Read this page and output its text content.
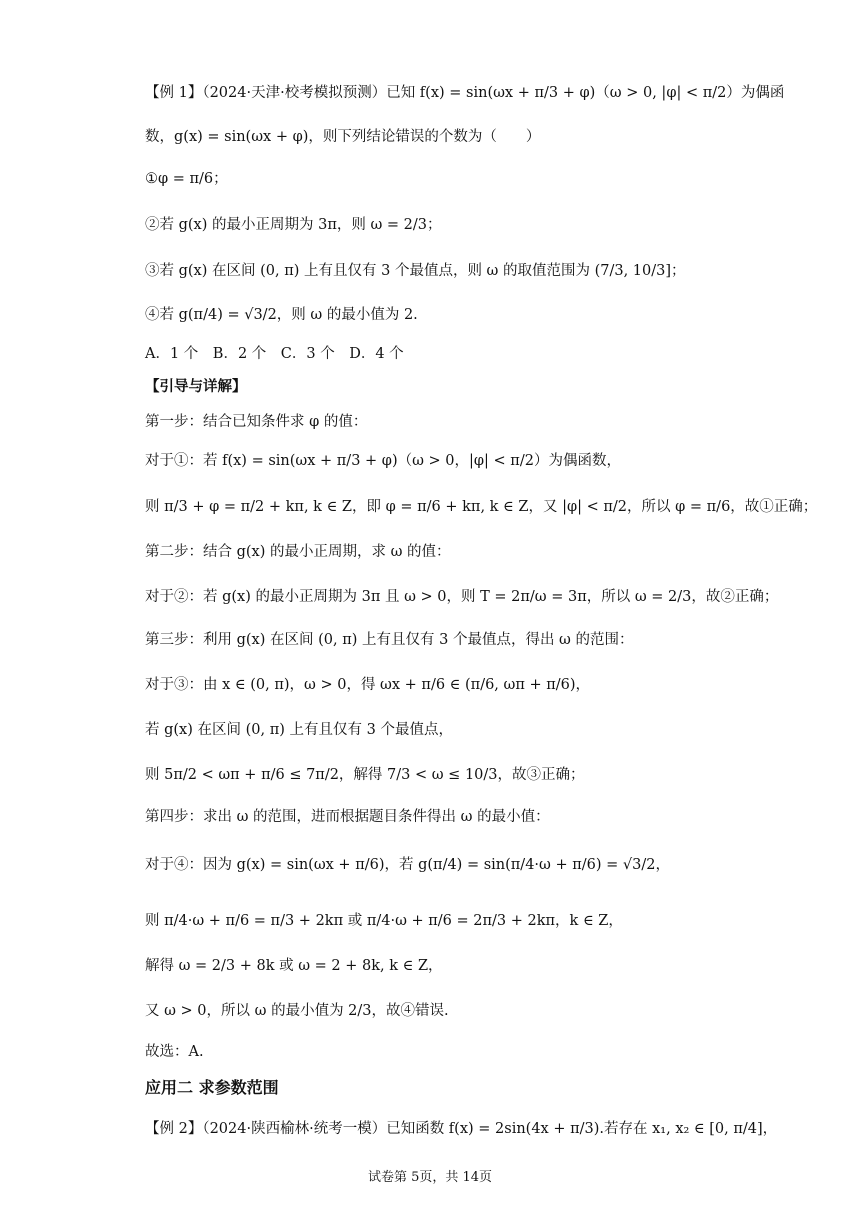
【例 1】（2024·天津·校考模拟预测）已知 f(x) = sin(ωx + π/3 + φ)（ω > 0, |φ| < π/2）为偶函
数，g(x) = sin(ωx + φ)，则下列结论错误的个数为（　　）
①φ = π/6；
②若 g(x) 的最小正周期为 3π，则 ω = 2/3；
③若 g(x) 在区间 (0, π) 上有且仅有 3 个最值点，则 ω 的取值范围为 (7/3, 10/3]；
④若 g(π/4) = √3/2，则 ω 的最小值为 2.
A．1 个　B．2 个　C．3 个　D．4 个
【引导与详解】
第一步：结合已知条件求 φ 的值：
对于①：若 f(x) = sin(ωx + π/3 + φ)（ω > 0，|φ| < π/2）为偶函数，
则 π/3 + φ = π/2 + kπ, k ∈ Z，即 φ = π/6 + kπ, k ∈ Z，又 |φ| < π/2，所以 φ = π/6，故①正确；
第二步：结合 g(x) 的最小正周期，求 ω 的值：
对于②：若 g(x) 的最小正周期为 3π 且 ω > 0，则 T = 2π/ω = 3π，所以 ω = 2/3，故②正确；
第三步：利用 g(x) 在区间 (0, π) 上有且仅有 3 个最值点，得出 ω 的范围：
对于③：由 x ∈ (0, π)，ω > 0，得 ωx + π/6 ∈ (π/6, ωπ + π/6)，
若 g(x) 在区间 (0, π) 上有且仅有 3 个最值点，
则 5π/2 < ωπ + π/6 ≤ 7π/2，解得 7/3 < ω ≤ 10/3，故③正确；
第四步：求出 ω 的范围，进而根据题目条件得出 ω 的最小值：
对于④：因为 g(x) = sin(ωx + π/6)，若 g(π/4) = sin(π/4·ω + π/6) = √3/2，
则 π/4·ω + π/6 = π/3 + 2kπ 或 π/4·ω + π/6 = 2π/3 + 2kπ，k ∈ Z，
解得 ω = 2/3 + 8k 或 ω = 2 + 8k, k ∈ Z，
又 ω > 0，所以 ω 的最小值为 2/3，故④错误.
故选：A.
应用二 求参数范围
【例 2】（2024·陕西榆林·统考一模）已知函数 f(x) = 2sin(4x + π/3).若存在 x₁, x₂ ∈ [0, π/4]，
试卷第 5页，共 14页
